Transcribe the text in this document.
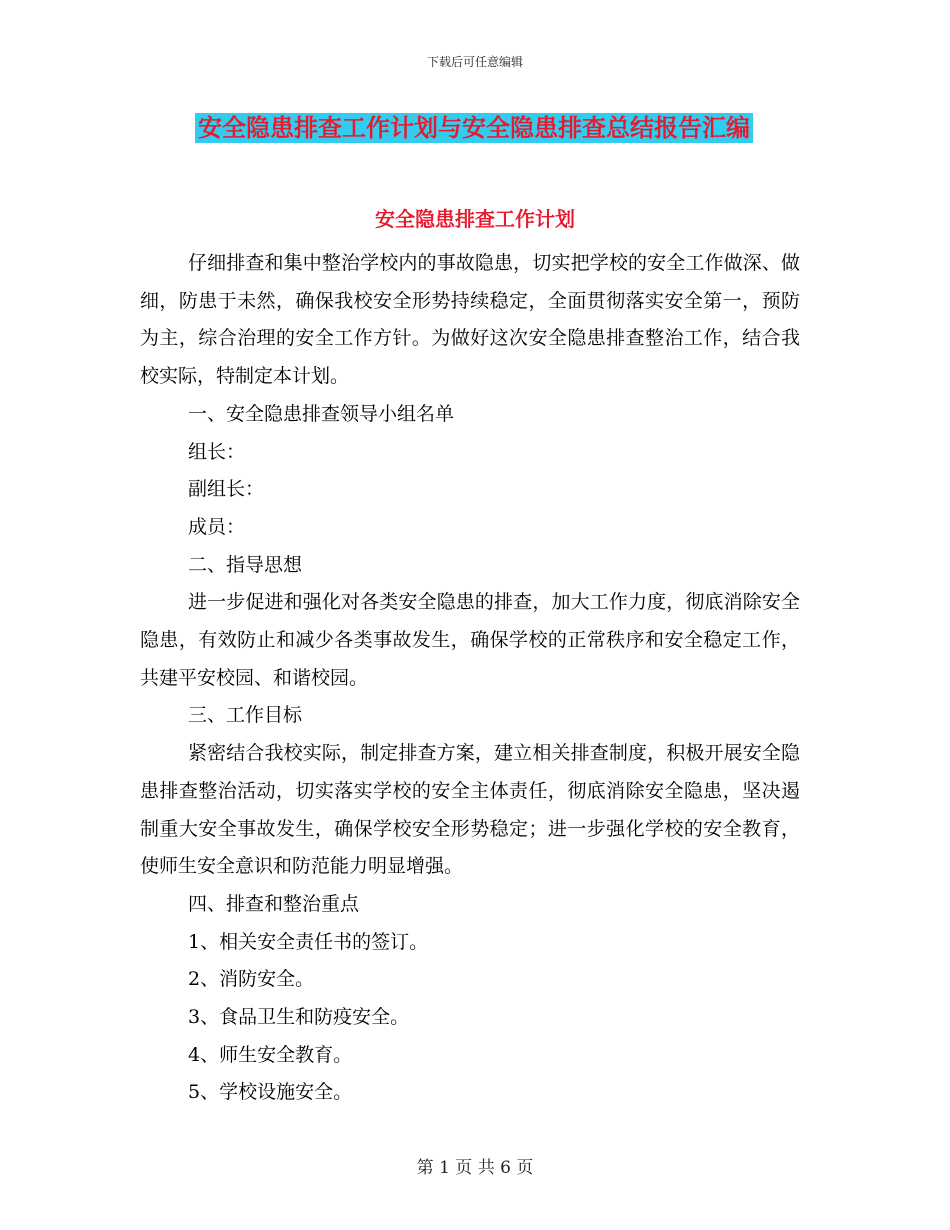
下载后可任意编辑
安全隐患排查工作计划与安全隐患排查总结报告汇编
安全隐患排查工作计划

仔细排查和集中整治学校内的事故隐患，切实把学校的安全工作做深、做细，防患于未然，确保我校安全形势持续稳定，全面贯彻落实安全第一，预防为主，综合治理的安全工作方针。为做好这次安全隐患排查整治工作，结合我校实际，特制定本计划。

一、安全隐患排查领导小组名单

组长：

副组长：

成员：

二、指导思想

进一步促进和强化对各类安全隐患的排查，加大工作力度，彻底消除安全隐患，有效防止和减少各类事故发生，确保学校的正常秩序和安全稳定工作，共建平安校园、和谐校园。

三、工作目标

紧密结合我校实际，制定排查方案，建立相关排查制度，积极开展安全隐患排查整治活动，切实落实学校的安全主体责任，彻底消除安全隐患，坚决遏制重大安全事故发生，确保学校安全形势稳定；进一步强化学校的安全教育，使师生安全意识和防范能力明显增强。

四、排查和整治重点

1、相关安全责任书的签订。

2、消防安全。

3、食品卫生和防疫安全。

4、师生安全教育。

5、学校设施安全。

第 1 页 共 6 页
